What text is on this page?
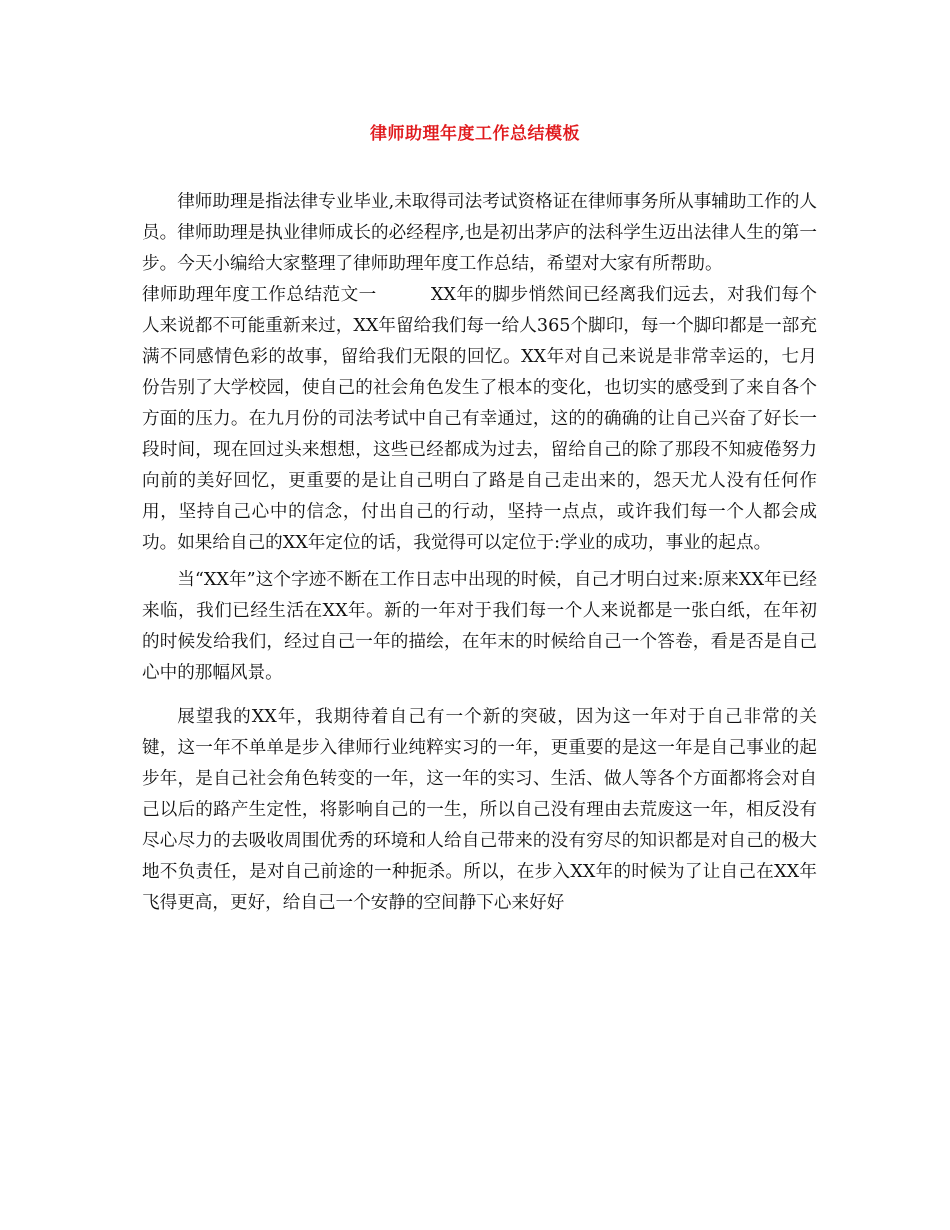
律师助理年度工作总结模板

律师助理是指法律专业毕业,未取得司法考试资格证在律师事务所从事辅助工作的人员。律师助理是执业律师成长的必经程序,也是初出茅庐的法科学生迈出法律人生的第一步。今天小编给大家整理了律师助理年度工作总结，希望对大家有所帮助。

律师助理年度工作总结范文一　　　XX年的脚步悄然间已经离我们远去，对我们每个人来说都不可能重新来过，XX年留给我们每一给人365个脚印，每一个脚印都是一部充满不同感情色彩的故事，留给我们无限的回忆。XX年对自己来说是非常幸运的，七月份告别了大学校园，使自己的社会角色发生了根本的变化，也切实的感受到了来自各个方面的压力。在九月份的司法考试中自己有幸通过，这的的确确的让自己兴奋了好长一段时间，现在回过头来想想，这些已经都成为过去，留给自己的除了那段不知疲倦努力向前的美好回忆，更重要的是让自己明白了路是自己走出来的，怨天尤人没有任何作用，坚持自己心中的信念，付出自己的行动，坚持一点点，或许我们每一个人都会成功。如果给自己的XX年定位的话，我觉得可以定位于:学业的成功，事业的起点。

当“XX年”这个字迹不断在工作日志中出现的时候，自己才明白过来:原来XX年已经来临，我们已经生活在XX年。新的一年对于我们每一个人来说都是一张白纸，在年初的时候发给我们，经过自己一年的描绘，在年末的时候给自己一个答卷，看是否是自己心中的那幅风景。

展望我的XX年，我期待着自己有一个新的突破，因为这一年对于自己非常的关键，这一年不单单是步入律师行业纯粹实习的一年，更重要的是这一年是自己事业的起步年，是自己社会角色转变的一年，这一年的实习、生活、做人等各个方面都将会对自己以后的路产生定性，将影响自己的一生，所以自己没有理由去荒废这一年，相反没有尽心尽力的去吸收周围优秀的环境和人给自己带来的没有穷尽的知识都是对自己的极大地不负责任，是对自己前途的一种扼杀。所以，在步入XX年的时候为了让自己在XX年飞得更高，更好，给自己一个安静的空间静下心来好好
